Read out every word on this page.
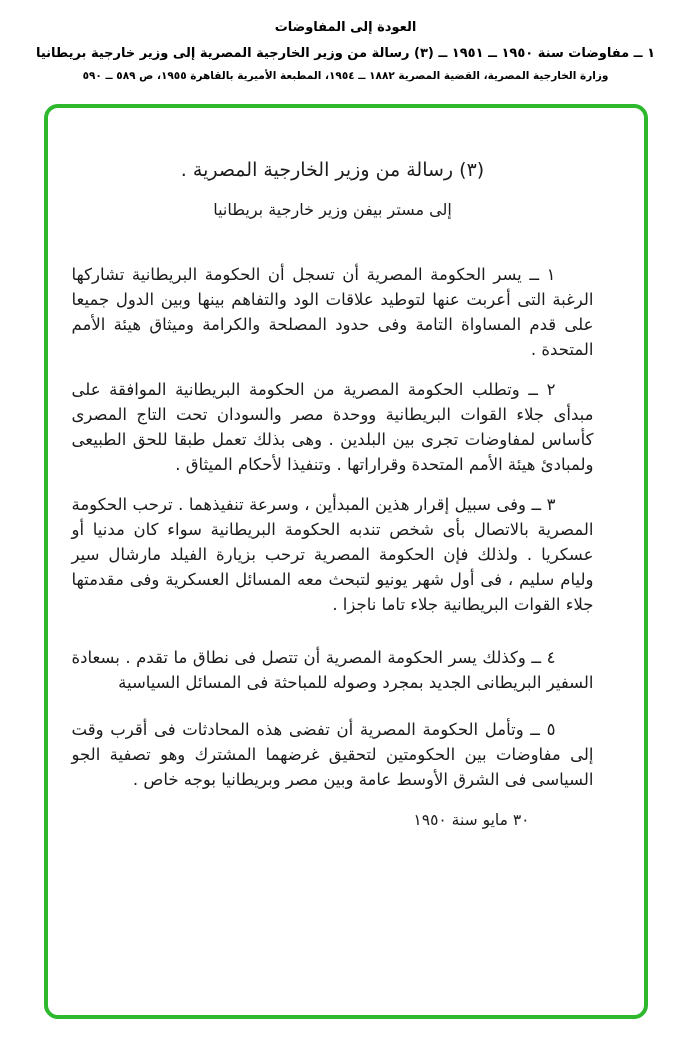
العودة إلى المفاوضات
١ ــ مفاوضات سنة ١٩٥٠ ــ ١٩٥١ ــ (٣) رسالة من وزير الخارجية المصرية إلى وزير خارجية بريطانيا
وزارة الخارجية المصرية، القضية المصرية ١٨٨٢ ــ ١٩٥٤، المطبعة الأميرية بالقاهرة ١٩٥٥، ص ٥٨٩ ــ ٥٩٠
(٣) رسالة من وزير الخارجية المصرية .
إلى مستر بيفن وزير خارجية بريطانيا

١ ــ يسر الحكومة المصرية أن تسجل أن الحكومة البريطانية تشاركها الرغبة التى أعربت عنها لتوطيد علاقات الود والتفاهم بينها وبين الدول جميعا على قدم المساواة التامة وفى حدود المصلحة والكرامة وميثاق هيئة الأمم المتحدة .

٢ ــ وتطلب الحكومة المصرية من الحكومة البريطانية الموافقة على مبدأى جلاء القوات البريطانية ووحدة مصر والسودان تحت التاج المصرى كأساس لمفاوضات تجرى بين البلدين . وهى بذلك تعمل طبقا للحق الطبيعى ولمبادئ هيئة الأمم المتحدة وقراراتها . وتنفيذا لأحكام الميثاق .

٣ ــ وفى سبيل إقرار هذين المبدأين ، وسرعة تنفيذهما . ترحب الحكومة المصرية بالاتصال بأى شخص تندبه الحكومة البريطانية سواء كان مدنيا أو عسكريا . ولذلك فإن الحكومة المصرية ترحب بزيارة الفيلد مارشال سير وليام سليم ، فى أول شهر يونيو لتبحث معه المسائل العسكرية وفى مقدمتها جلاء القوات البريطانية جلاء تاما ناجزا .

٤ ــ وكذلك يسر الحكومة المصرية أن تتصل فى نطاق ما تقدم . بسعادة السفير البريطانى الجديد بمجرد وصوله للمباحثة فى المسائل السياسية

٥ ــ وتأمل الحكومة المصرية أن تفضى هذه المحادثات فى أقرب وقت إلى مفاوضات بين الحكومتين لتحقيق غرضهما المشترك وهو تصفية الجو السياسى فى الشرق الأوسط عامة وبين مصر وبريطانيا بوجه خاص .

٣٠ مايو سنة ١٩٥٠
